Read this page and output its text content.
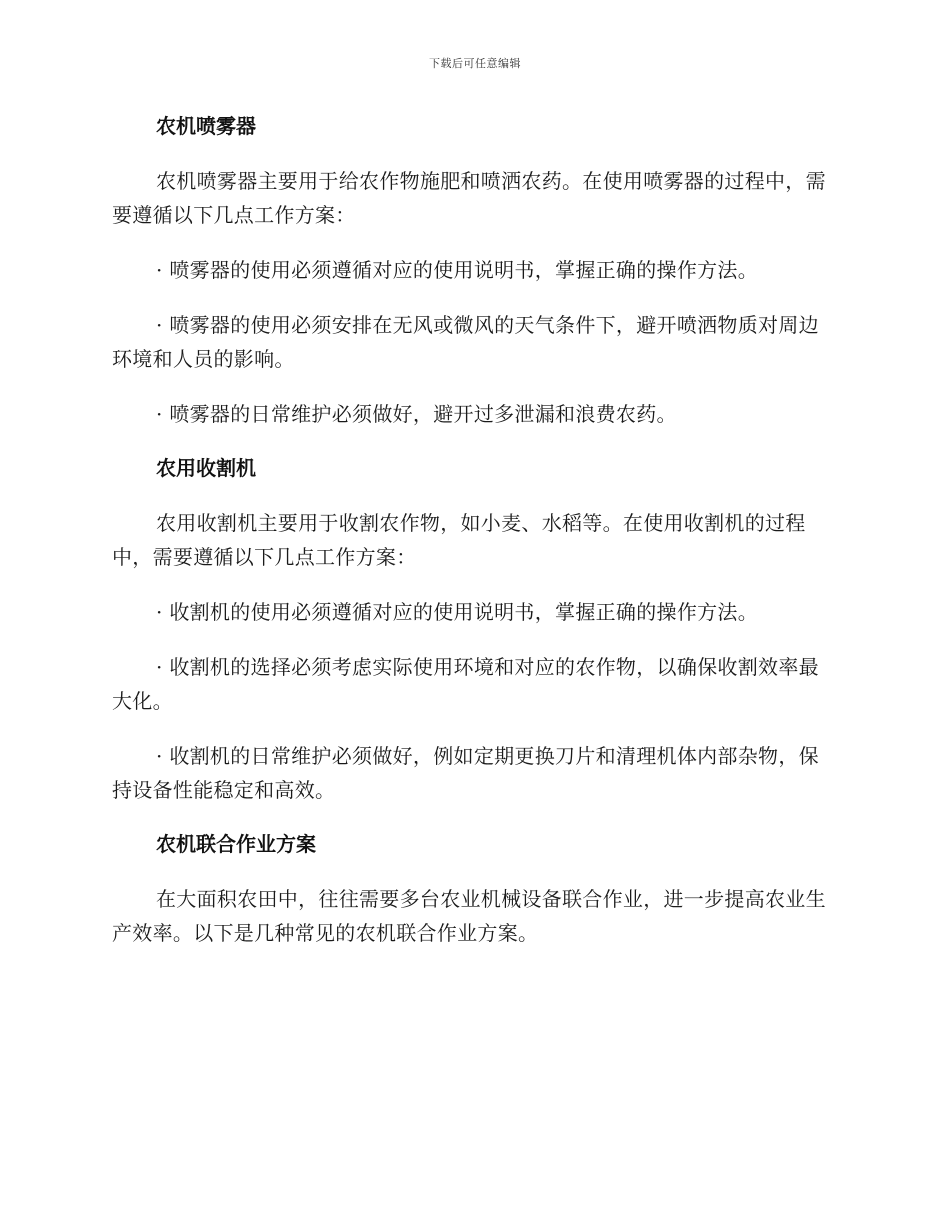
下载后可任意编辑
农机喷雾器

农机喷雾器主要用于给农作物施肥和喷洒农药。在使用喷雾器的过程中，需要遵循以下几点工作方案：

· 喷雾器的使用必须遵循对应的使用说明书，掌握正确的操作方法。

· 喷雾器的使用必须安排在无风或微风的天气条件下，避开喷洒物质对周边环境和人员的影响。

· 喷雾器的日常维护必须做好，避开过多泄漏和浪费农药。

农用收割机

农用收割机主要用于收割农作物，如小麦、水稻等。在使用收割机的过程中，需要遵循以下几点工作方案：

· 收割机的使用必须遵循对应的使用说明书，掌握正确的操作方法。

· 收割机的选择必须考虑实际使用环境和对应的农作物，以确保收割效率最大化。

· 收割机的日常维护必须做好，例如定期更换刀片和清理机体内部杂物，保持设备性能稳定和高效。

农机联合作业方案

在大面积农田中，往往需要多台农业机械设备联合作业，进一步提高农业生产效率。以下是几种常见的农机联合作业方案。
